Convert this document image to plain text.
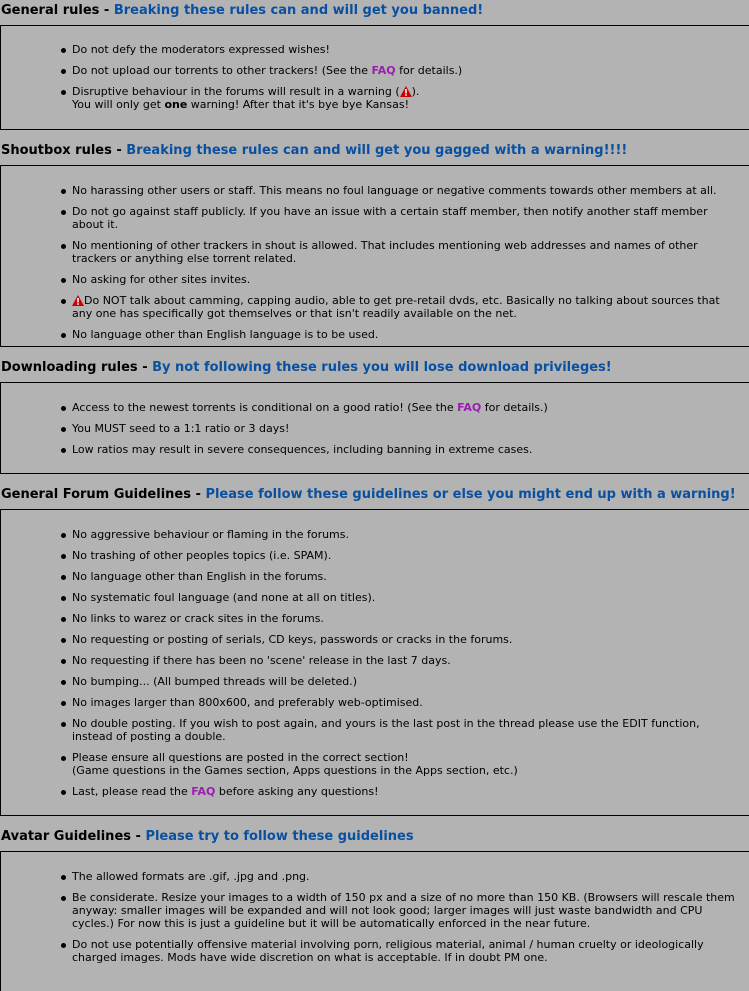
General rules - Breaking these rules can and will get you banned!
Do not defy the moderators expressed wishes!
Do not upload our torrents to other trackers! (See the FAQ for details.)
Disruptive behaviour in the forums will result in a warning ( ).
You will only get one warning! After that it's bye bye Kansas!
Shoutbox rules - Breaking these rules can and will get you gagged with a warning!!!!
No harassing other users or staff. This means no foul language or negative comments towards other members at all.
Do not go against staff publicly. If you have an issue with a certain staff member, then notify another staff member about it.
No mentioning of other trackers in shout is allowed. That includes mentioning web addresses and names of other trackers or anything else torrent related.
No asking for other sites invites.
Do NOT talk about camming, capping audio, able to get pre-retail dvds, etc. Basically no talking about sources that any one has specifically got themselves or that isn't readily available on the net.
No language other than English language is to be used.
Downloading rules - By not following these rules you will lose download privileges!
Access to the newest torrents is conditional on a good ratio! (See the FAQ for details.)
You MUST seed to a 1:1 ratio or 3 days!
Low ratios may result in severe consequences, including banning in extreme cases.
General Forum Guidelines - Please follow these guidelines or else you might end up with a warning!
No aggressive behaviour or flaming in the forums.
No trashing of other peoples topics (i.e. SPAM).
No language other than English in the forums.
No systematic foul language (and none at all on titles).
No links to warez or crack sites in the forums.
No requesting or posting of serials, CD keys, passwords or cracks in the forums.
No requesting if there has been no 'scene' release in the last 7 days.
No bumping... (All bumped threads will be deleted.)
No images larger than 800x600, and preferably web-optimised.
No double posting. If you wish to post again, and yours is the last post in the thread please use the EDIT function, instead of posting a double.
Please ensure all questions are posted in the correct section!
(Game questions in the Games section, Apps questions in the Apps section, etc.)
Last, please read the FAQ before asking any questions!
Avatar Guidelines - Please try to follow these guidelines
The allowed formats are .gif, .jpg and .png.
Be considerate. Resize your images to a width of 150 px and a size of no more than 150 KB. (Browsers will rescale them anyway: smaller images will be expanded and will not look good; larger images will just waste bandwidth and CPU cycles.) For now this is just a guideline but it will be automatically enforced in the near future.
Do not use potentially offensive material involving porn, religious material, animal / human cruelty or ideologically charged images. Mods have wide discretion on what is acceptable. If in doubt PM one.
